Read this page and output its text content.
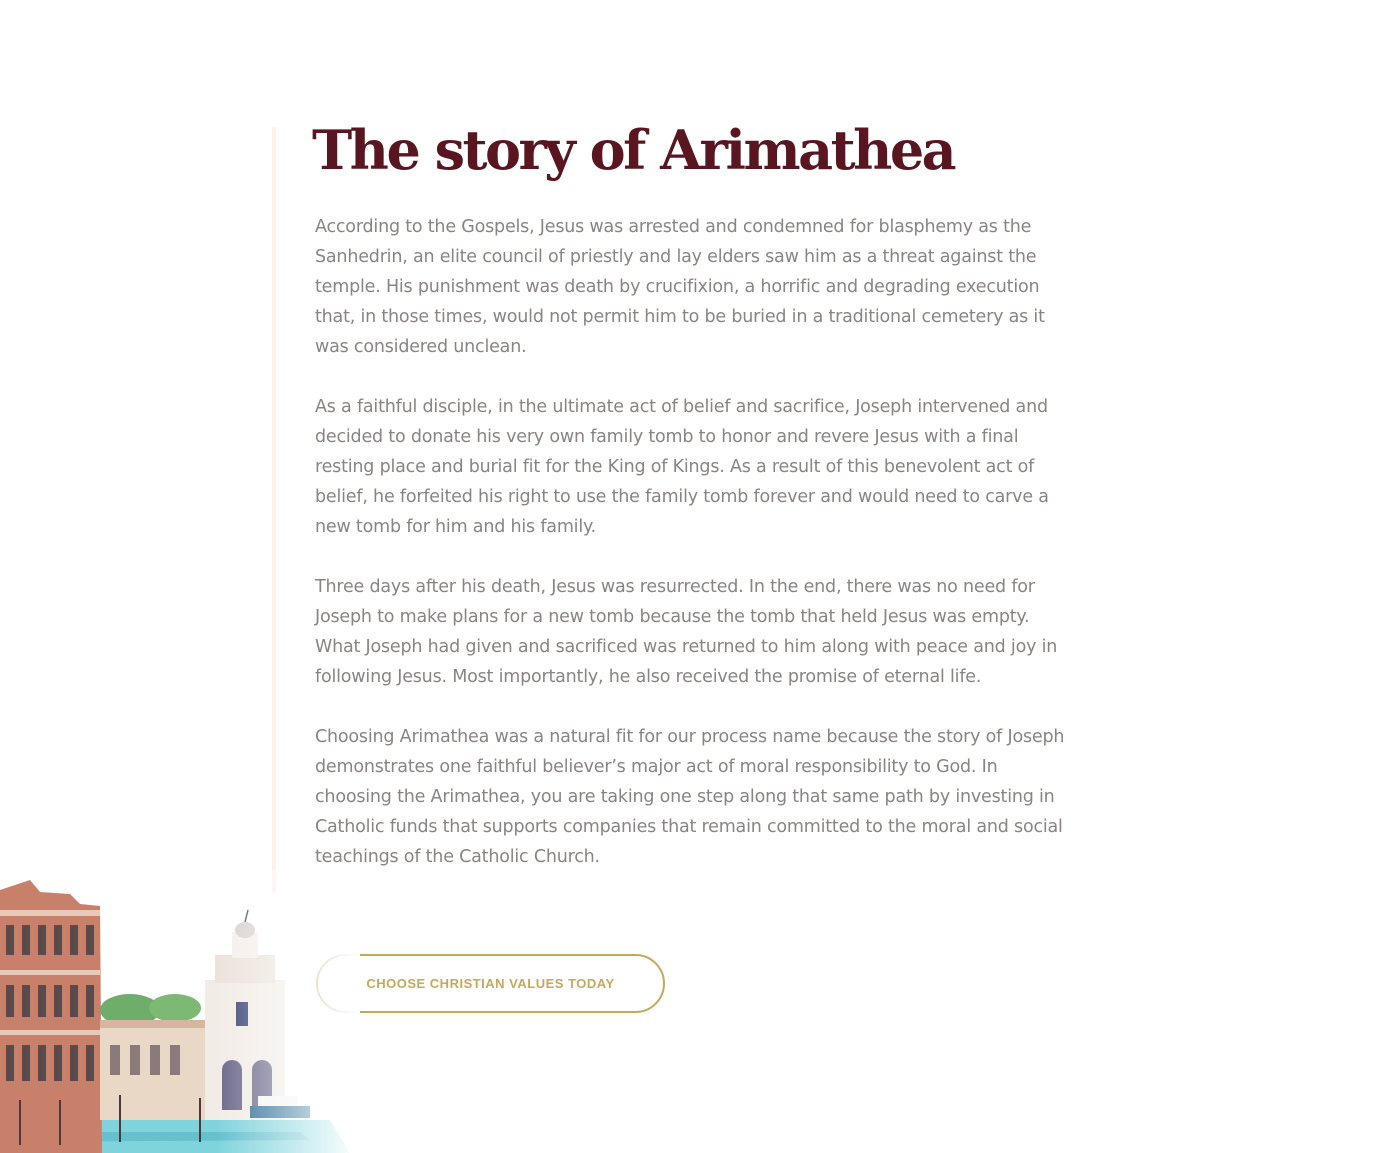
The story of Arimathea

According to the Gospels, Jesus was arrested and condemned for blasphemy as the Sanhedrin, an elite council of priestly and lay elders saw him as a threat against the temple. His punishment was death by crucifixion, a horrific and degrading execution that, in those times, would not permit him to be buried in a traditional cemetery as it was considered unclean.

As a faithful disciple, in the ultimate act of belief and sacrifice, Joseph intervened and decided to donate his very own family tomb to honor and revere Jesus with a final resting place and burial fit for the King of Kings. As a result of this benevolent act of belief, he forfeited his right to use the family tomb forever and would need to carve a new tomb for him and his family.

Three days after his death, Jesus was resurrected. In the end, there was no need for Joseph to make plans for a new tomb because the tomb that held Jesus was empty. What Joseph had given and sacrificed was returned to him along with peace and joy in following Jesus. Most importantly, he also received the promise of eternal life.

Choosing Arimathea was a natural fit for our process name because the story of Joseph demonstrates one faithful believer’s major act of moral responsibility to God. In choosing the Arimathea, you are taking one step along that same path by investing in Catholic funds that supports companies that remain committed to the moral and social teachings of the Catholic Church.

CHOOSE CHRISTIAN VALUES TODAY
